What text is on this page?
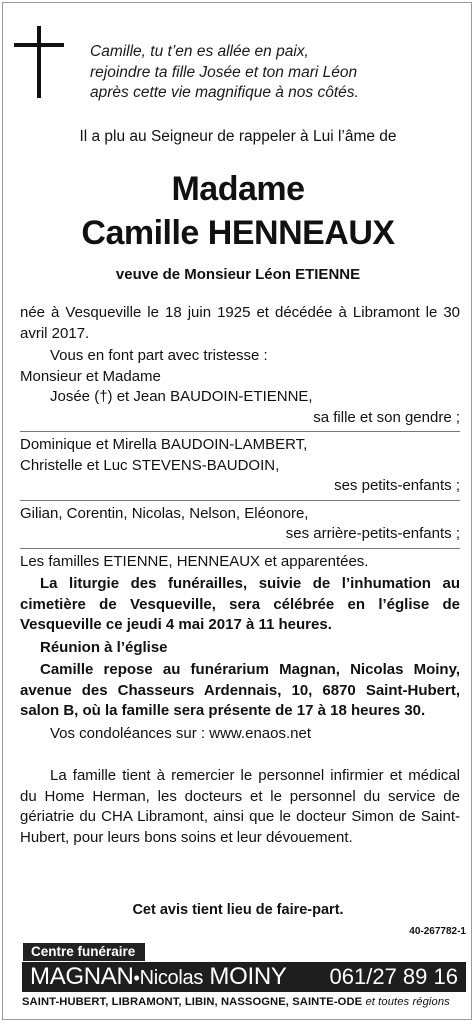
Camille, tu t’en es allée en paix,
rejoindre ta fille Josée et ton mari Léon
après cette vie magnifique à nos côtés.
Il a plu au Seigneur de rappeler à Lui l’âme de
Madame
Camille HENNEAUX
veuve de Monsieur Léon ETIENNE
née à Vesqueville le 18 juin 1925 et décédée à Libramont le 30 avril 2017.
Vous en font part avec tristesse :
Monsieur et Madame
Josée (†) et Jean BAUDOIN-ETIENNE,
sa fille et son gendre ;
Dominique et Mirella BAUDOIN-LAMBERT,
Christelle et Luc STEVENS-BAUDOIN,
ses petits-enfants ;
Gilian, Corentin, Nicolas, Nelson, Eléonore,
ses arrière-petits-enfants ;
Les familles ETIENNE, HENNEAUX et apparentées.
La liturgie des funérailles, suivie de l’inhumation au cimetière de Vesqueville, sera célébrée en l’église de Vesqueville ce jeudi 4 mai 2017 à 11 heures.
Réunion à l’église
Camille repose au funérarium Magnan, Nicolas Moiny, avenue des Chasseurs Ardennais, 10, 6870 Saint-Hubert, salon B, où la famille sera présente de 17 à 18 heures 30.
Vos condoléances sur : www.enaos.net
La famille tient à remercier le personnel infirmier et médical du Home Herman, les docteurs et le personnel du service de gériatrie du CHA Libramont, ainsi que le docteur Simon de Saint-Hubert, pour leurs bons soins et leur dévouement.
Cet avis tient lieu de faire-part.
40-267782-1
MAGNAN•Nicolas MOINY 061/27 89 16
Centre funéraire
SAINT-HUBERT, LIBRAMONT, LIBIN, NASSOGNE, SAINTE-ODE et toutes régions
